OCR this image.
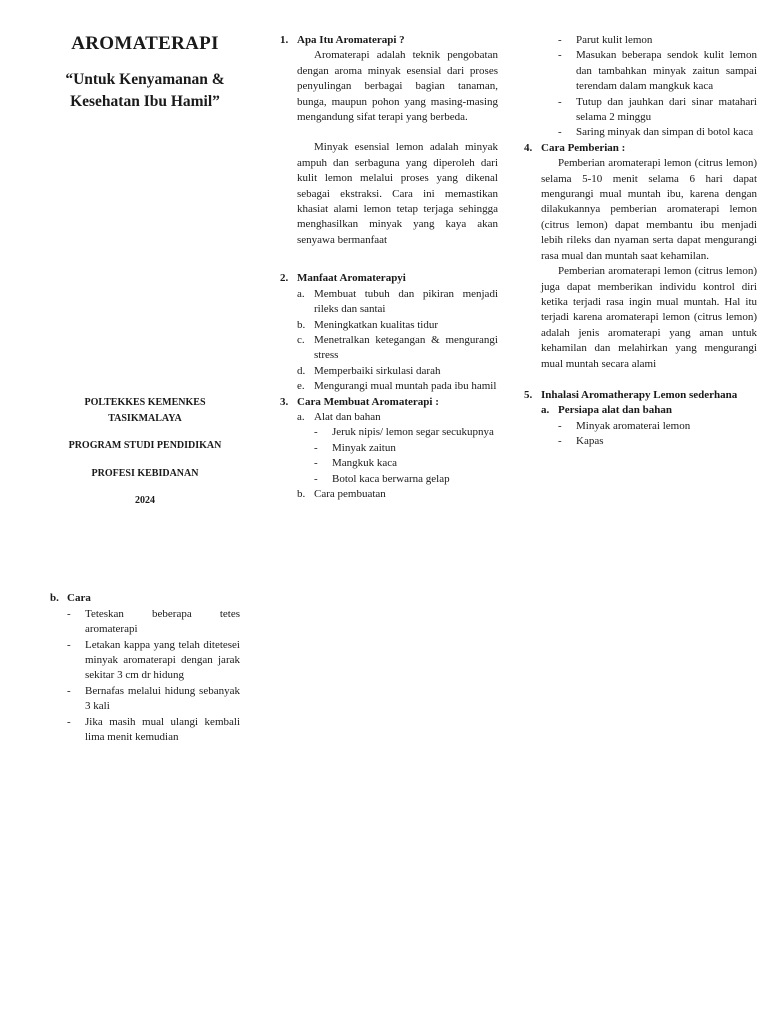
AROMATERAPI
“Untuk Kenyamanan &
Kesehatan Ibu Hamil”
POLTEKKES KEMENKES TASIKMALAYA
PROGRAM STUDI PENDIDIKAN
PROFESI KEBIDANAN
2024
b. Cara
-	Teteskan beberapa tetes aromaterapi
-	Letakan kappa yang telah ditetesei minyak aromaterapi dengan jarak sekitar 3 cm dr hidung
-	Bernafas melalui hidung sebanyak 3 kali
-	Jika masih mual ulangi kembali lima menit kemudian
1. Apa Itu Aromaterapi ?
Aromaterapi adalah teknik pengobatan dengan aroma minyak esensial dari proses penyulingan berbagai bagian tanaman, bunga, maupun pohon yang masing-masing mengandung sifat terapi yang berbeda.
Minyak esensial lemon adalah minyak ampuh dan serbaguna yang diperoleh dari kulit lemon melalui proses yang dikenal sebagai ekstraksi. Cara ini memastikan khasiat alami lemon tetap terjaga sehingga menghasilkan minyak yang kaya akan senyawa bermanfaat
2. Manfaat Aromaterapyi
a. Membuat tubuh dan pikiran menjadi rileks dan santai
b. Meningkatkan kualitas tidur
c. Menetralkan ketegangan & mengurangi stress
d. Memperbaiki sirkulasi darah
e. Mengurangi mual muntah pada ibu hamil
3. Cara Membuat Aromaterapi :
a. Alat dan bahan
-	Jeruk nipis/ lemon segar secukupnya
-	Minyak zaitun
-	Mangkuk kaca
-	Botol kaca berwarna gelap
b. Cara pembuatan
-	Parut kulit lemon
-	Masukan beberapa sendok kulit lemon dan tambahkan minyak zaitun sampai terendam dalam mangkuk kaca
-	Tutup dan jauhkan dari sinar matahari selama 2 minggu
-	Saring minyak dan simpan di botol kaca
4. Cara Pemberian :
Pemberian aromaterapi lemon (citrus lemon) selama 5-10 menit selama 6 hari dapat mengurangi mual muntah ibu, karena dengan dilakukannya pemberian aromaterapi lemon (citrus lemon) dapat membantu ibu menjadi lebih rileks dan nyaman serta dapat mengurangi rasa mual dan muntah saat kehamilan.
Pemberian aromaterapi lemon (citrus lemon) juga dapat memberikan individu kontrol diri ketika terjadi rasa ingin mual muntah. Hal itu terjadi karena aromaterapi lemon (citrus lemon) adalah jenis aromaterapi yang aman untuk kehamilan dan melahirkan yang mengurangi mual muntah secara alami
5. Inhalasi Aromatherapy Lemon sederhana
a. Persiapa alat dan bahan
-	Minyak aromaterai lemon
-	Kapas
